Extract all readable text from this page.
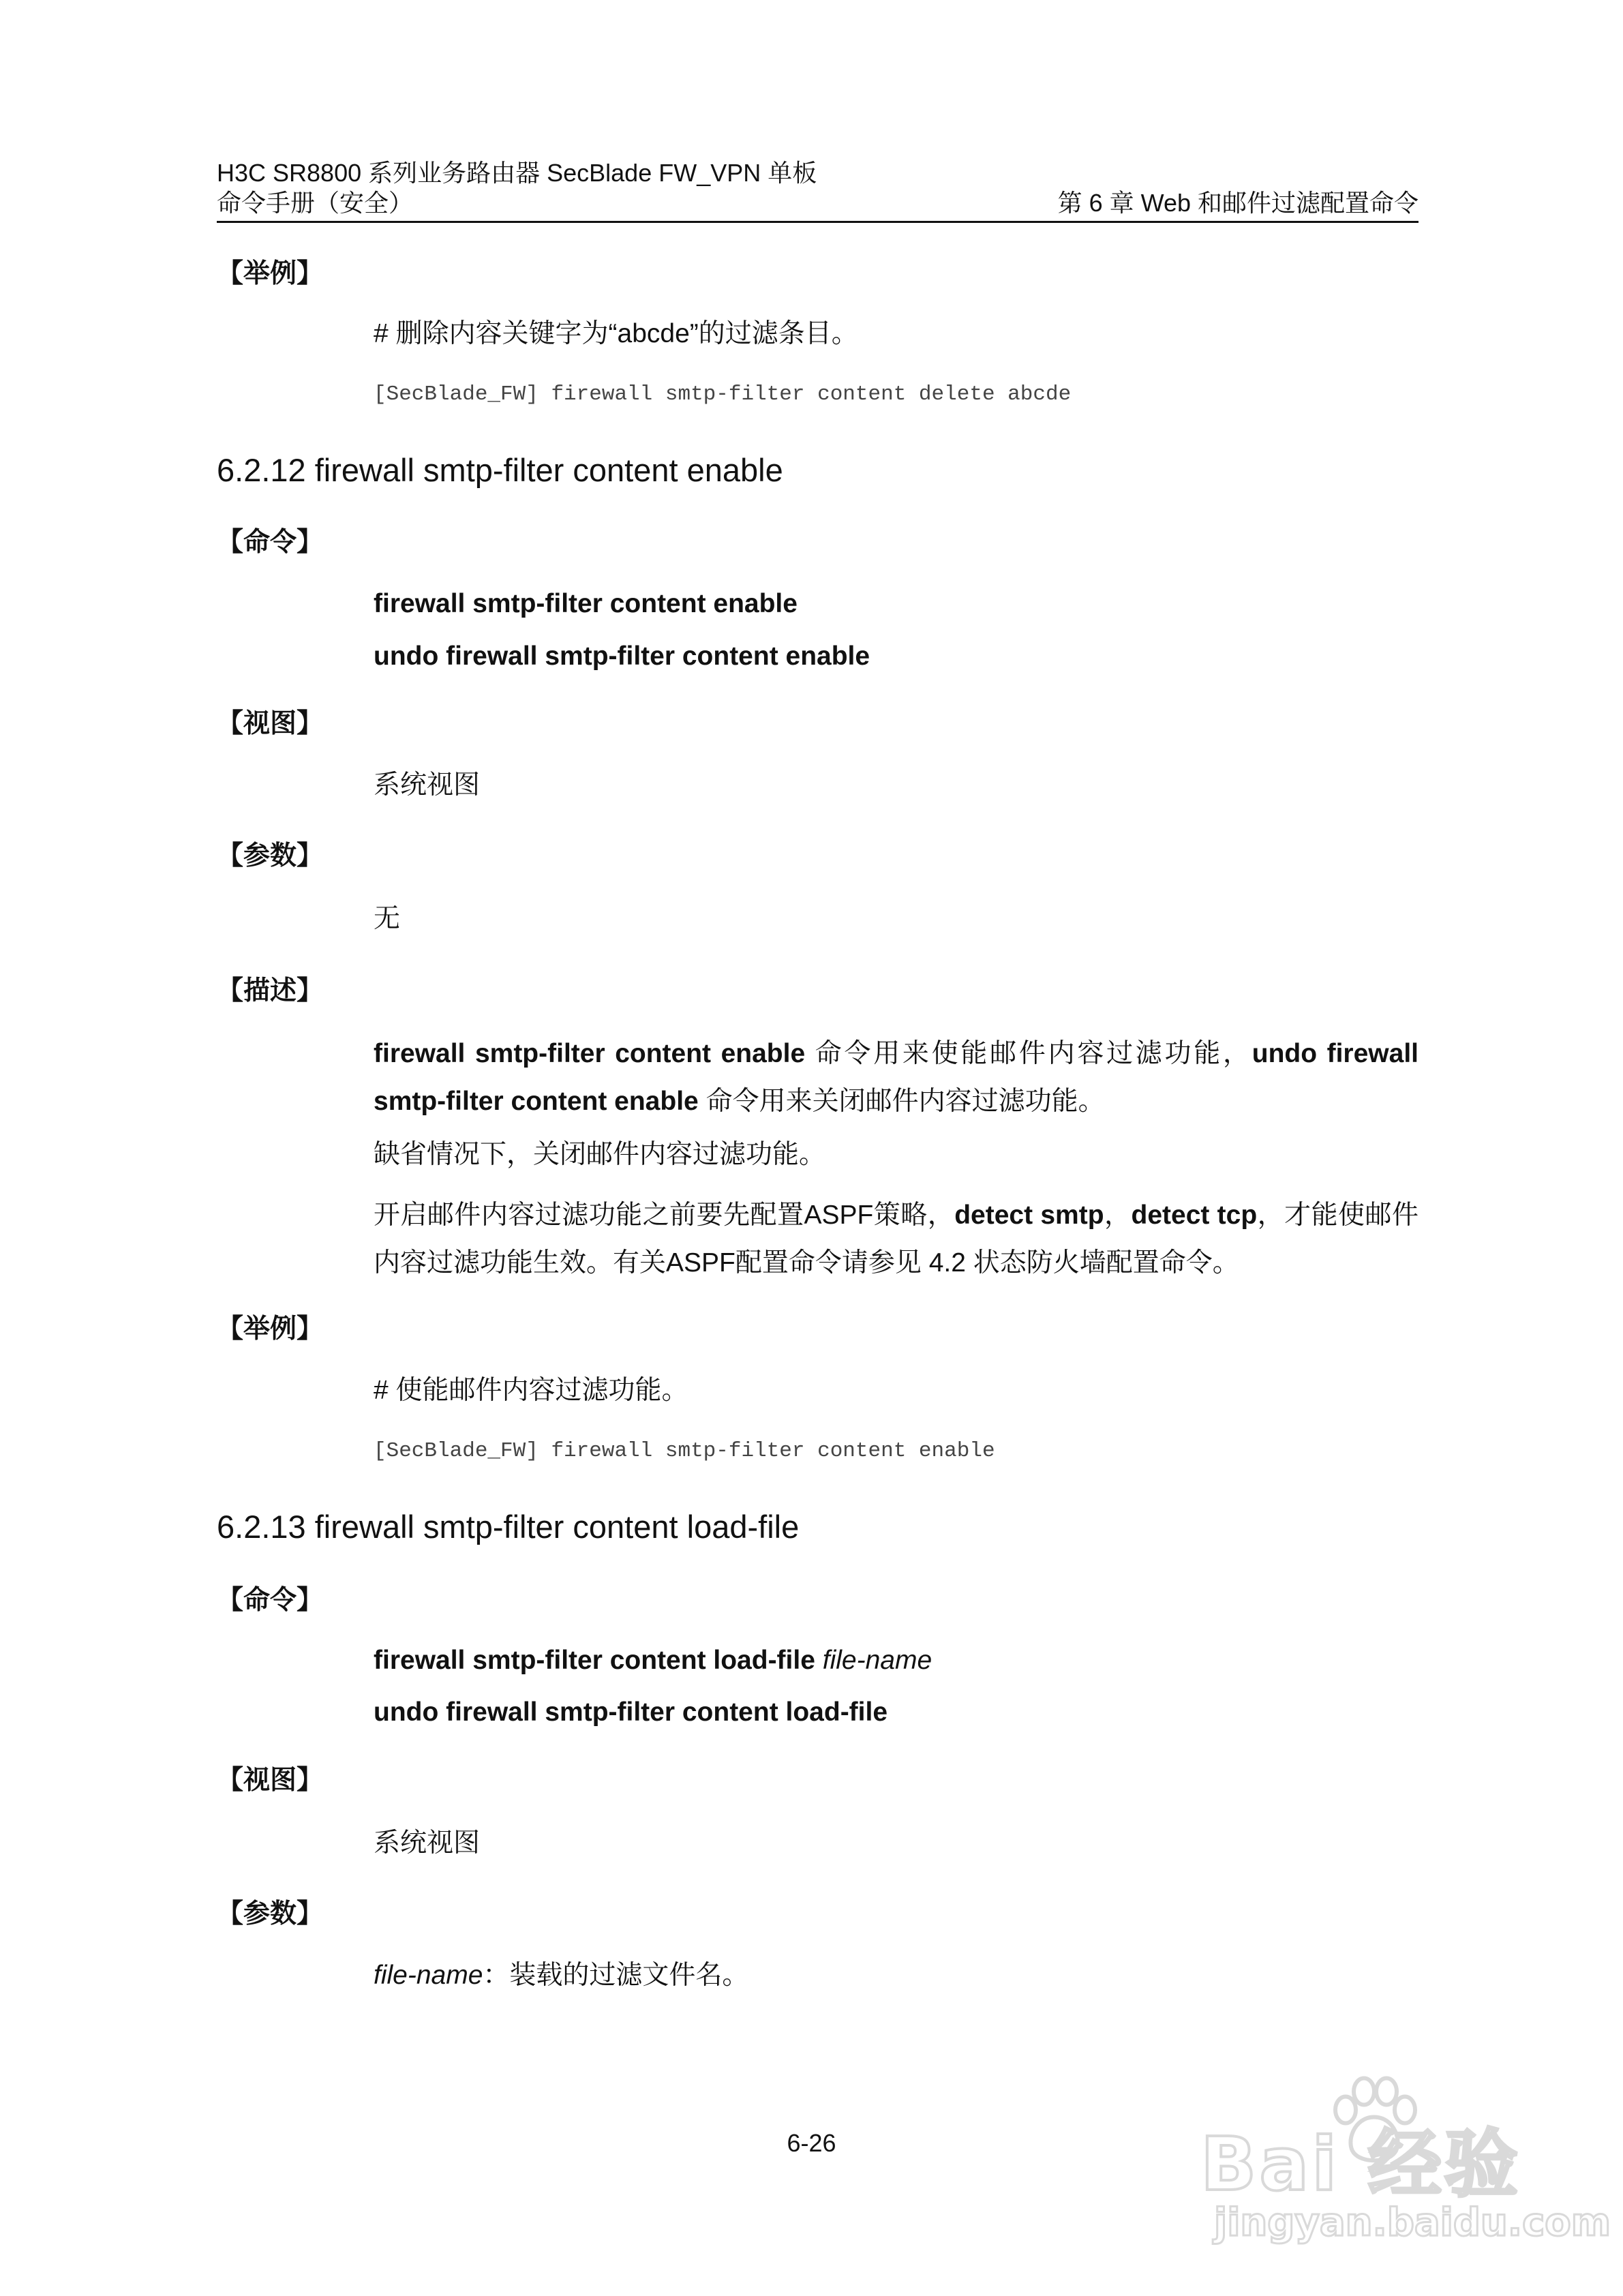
H3C SR8800 系列业务路由器 SecBlade FW_VPN 单板
命令手册（安全）	第 6 章 Web 和邮件过滤配置命令
【举例】
# 删除内容关键字为“abcde”的过滤条目。
[SecBlade_FW] firewall smtp-filter content delete abcde
6.2.12 firewall smtp-filter content enable
【命令】
firewall smtp-filter content enable
undo firewall smtp-filter content enable
【视图】
系统视图
【参数】
无
【描述】
firewall smtp-filter content enable 命令用来使能邮件内容过滤功能，undo firewall smtp-filter content enable 命令用来关闭邮件内容过滤功能。
缺省情况下，关闭邮件内容过滤功能。
开启邮件内容过滤功能之前要先配置ASPF策略，detect smtp，detect tcp，才能使邮件内容过滤功能生效。有关ASPF配置命令请参见 4.2 状态防火墙配置命令。
【举例】
# 使能邮件内容过滤功能。
[SecBlade_FW] firewall smtp-filter content enable
6.2.13 firewall smtp-filter content load-file
【命令】
firewall smtp-filter content load-file file-name
undo firewall smtp-filter content load-file
【视图】
系统视图
【参数】
file-name：装载的过滤文件名。
6-26	Bai 经验
jingyan.baidu.com
